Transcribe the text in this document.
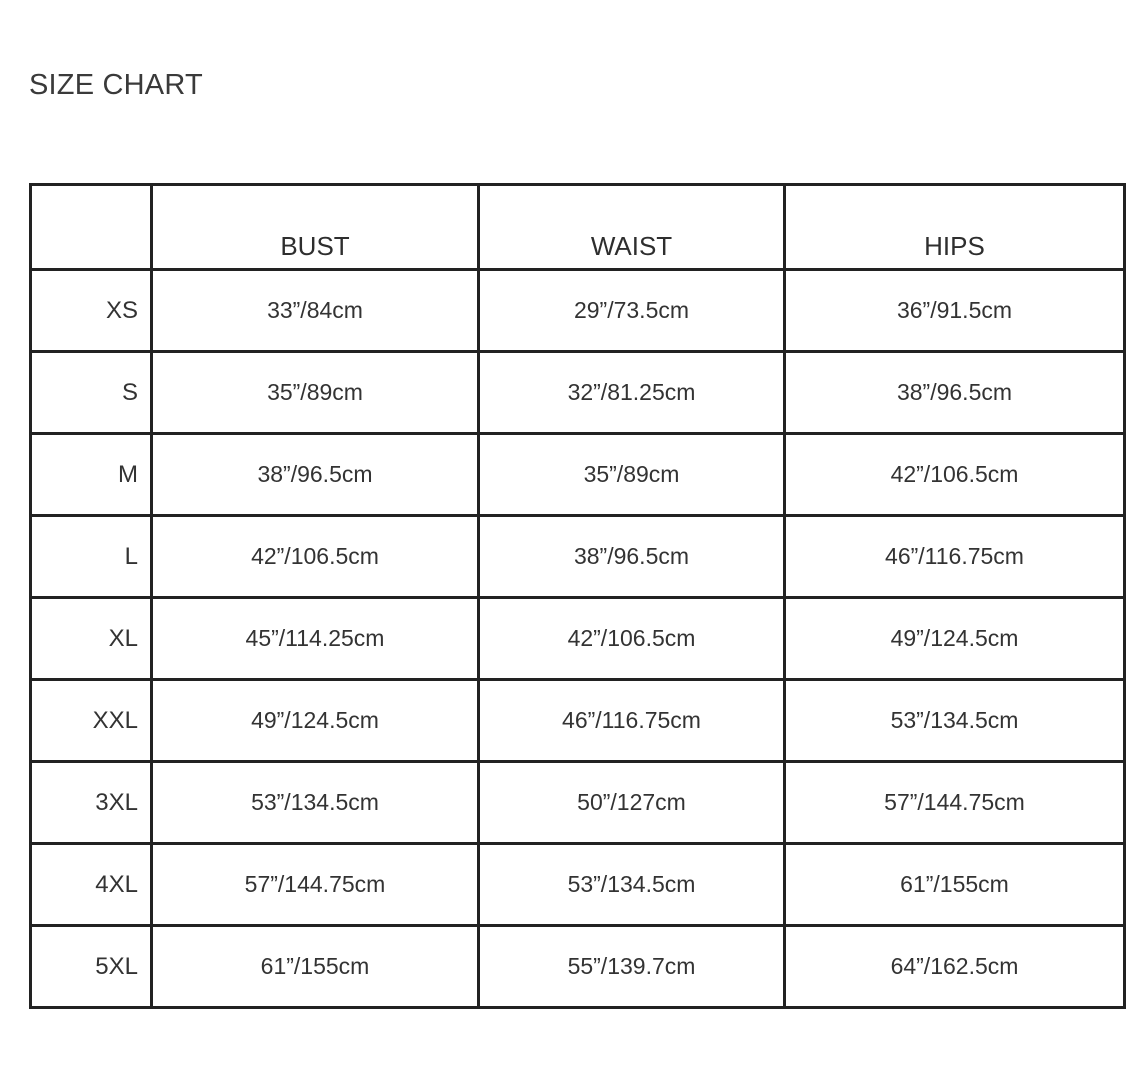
SIZE CHART
	BUST	WAIST	HIPS
XS	33”/84cm	29”/73.5cm	36”/91.5cm
S	35”/89cm	32”/81.25cm	38”/96.5cm
M	38”/96.5cm	35”/89cm	42”/106.5cm
L	42”/106.5cm	38”/96.5cm	46”/116.75cm
XL	45”/114.25cm	42”/106.5cm	49”/124.5cm
XXL	49”/124.5cm	46”/116.75cm	53”/134.5cm
3XL	53”/134.5cm	50”/127cm	57”/144.75cm
4XL	57”/144.75cm	53”/134.5cm	61”/155cm
5XL	61”/155cm	55”/139.7cm	64”/162.5cm
